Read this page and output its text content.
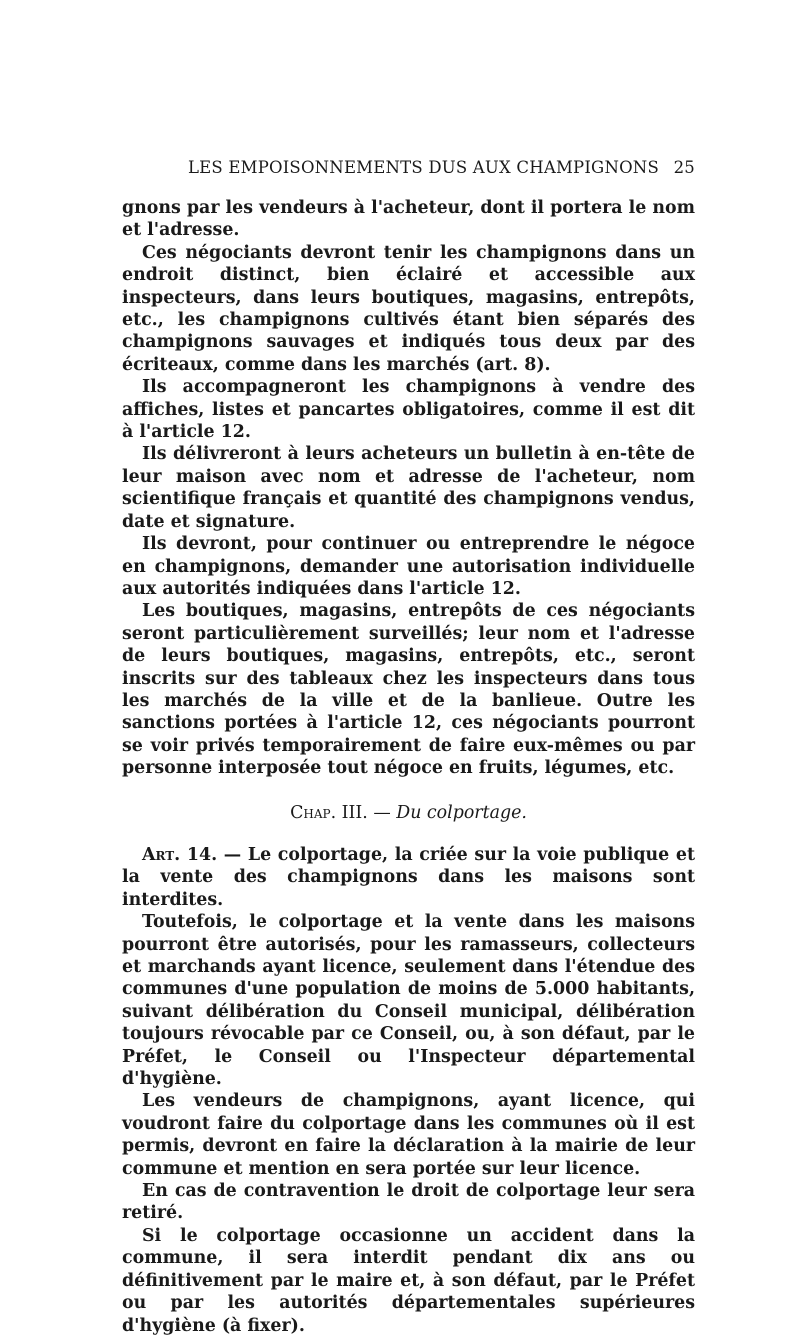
LES EMPOISONNEMENTS DUS AUX CHAMPIGNONS 25

gnons par les vendeurs à l'acheteur, dont il portera le nom et l'adresse.

Ces négociants devront tenir les champignons dans un endroit distinct, bien éclairé et accessible aux inspecteurs, dans leurs boutiques, magasins, entrepôts, etc., les champignons cultivés étant bien séparés des champignons sauvages et indiqués tous deux par des écriteaux, comme dans les marchés (art. 8).

Ils accompagneront les champignons à vendre des affiches, listes et pancartes obligatoires, comme il est dit à l'article 12.

Ils délivreront à leurs acheteurs un bulletin à en-tête de leur maison avec nom et adresse de l'acheteur, nom scientifique français et quantité des champignons vendus, date et signature.

Ils devront, pour continuer ou entreprendre le négoce en champignons, demander une autorisation individuelle aux autorités indiquées dans l'article 12.

Les boutiques, magasins, entrepôts de ces négociants seront particulièrement surveillés; leur nom et l'adresse de leurs boutiques, magasins, entrepôts, etc., seront inscrits sur des tableaux chez les inspecteurs dans tous les marchés de la ville et de la banlieue. Outre les sanctions portées à l'article 12, ces négociants pourront se voir privés temporairement de faire eux-mêmes ou par personne interposée tout négoce en fruits, légumes, etc.

Chap. III. — Du colportage.

Art. 14. — Le colportage, la criée sur la voie publique et la vente des champignons dans les maisons sont interdites.

Toutefois, le colportage et la vente dans les maisons pourront être autorisés, pour les ramasseurs, collecteurs et marchands ayant licence, seulement dans l'étendue des communes d'une population de moins de 5.000 habitants, suivant délibération du Conseil municipal, délibération toujours révocable par ce Conseil, ou, à son défaut, par le Préfet, le Conseil ou l'Inspecteur départemental d'hygiène.

Les vendeurs de champignons, ayant licence, qui voudront faire du colportage dans les communes où il est permis, devront en faire la déclaration à la mairie de leur commune et mention en sera portée sur leur licence.

En cas de contravention le droit de colportage leur sera retiré.

Si le colportage occasionne un accident dans la commune, il sera interdit pendant dix ans ou définitivement par le maire et, à son défaut, par le Préfet ou par les autorités départementales supérieures d'hygiène (à fixer).
